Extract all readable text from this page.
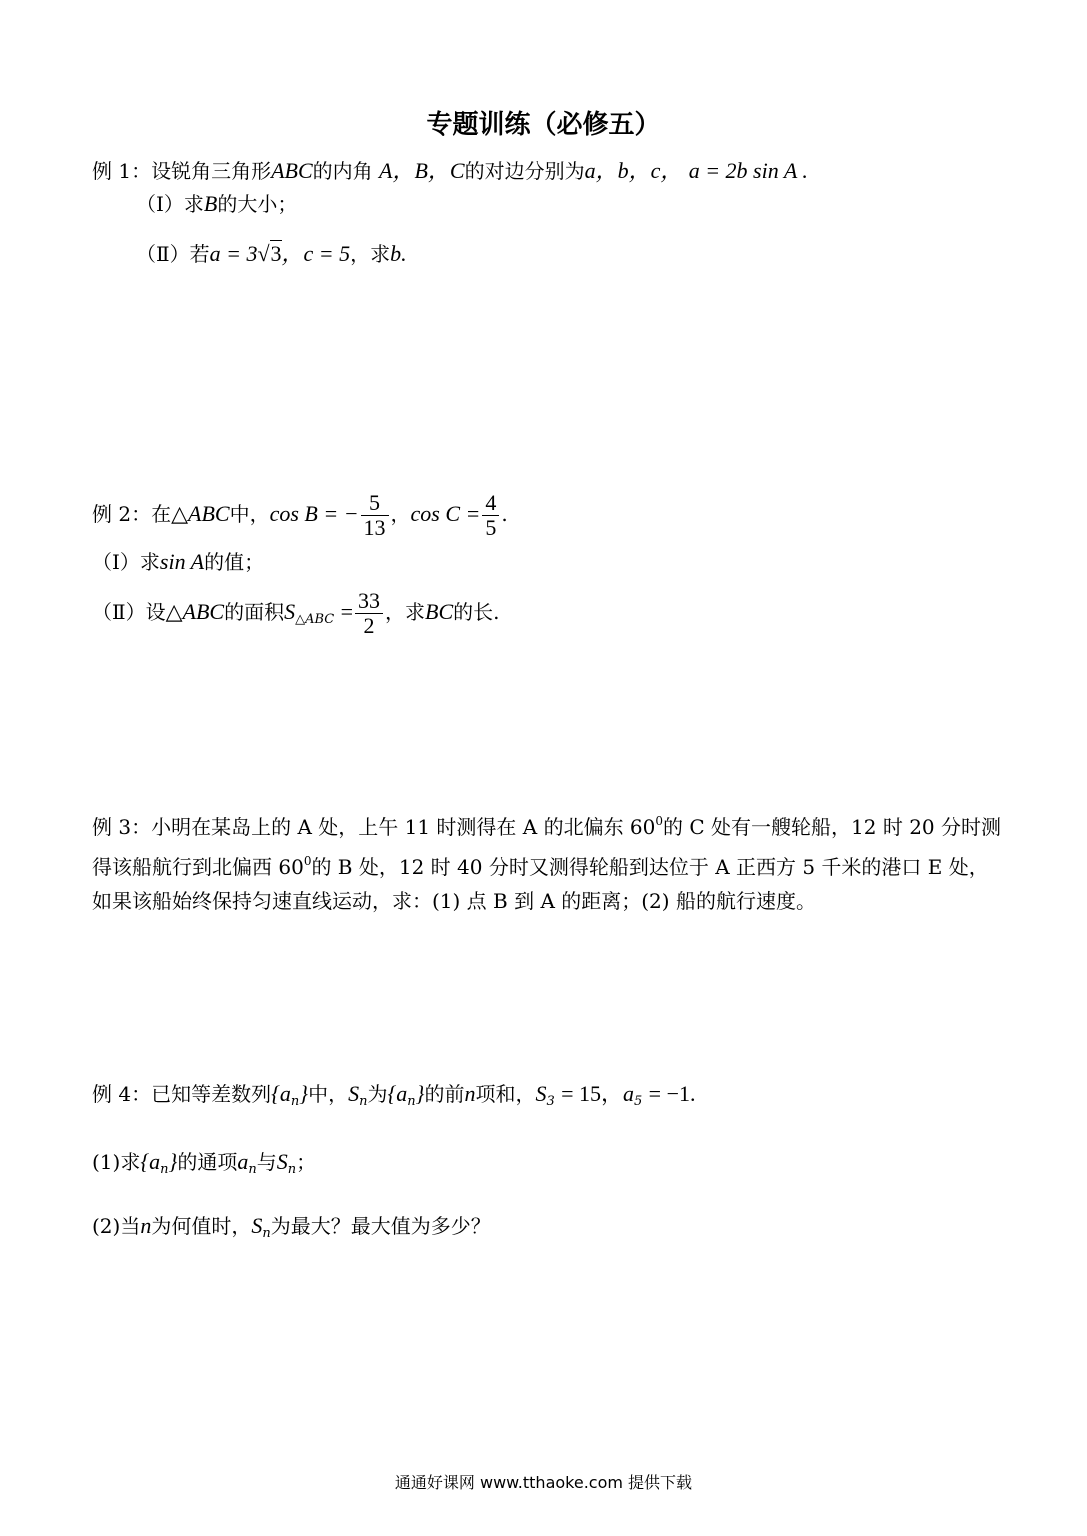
专题训练（必修五）
例 1：设锐角三角形ABC的内角 A，B，C的对边分别为a，b，c， a = 2b sin A .
（Ⅰ）求B的大小；
（Ⅱ）若a = 3√3，c = 5，求b.
例 2：在△ABC中，cos B = − $\frac{5}{13}$ ，$\cos C = \frac{4}{5}$ .
（Ⅰ）求sin A的值；
（Ⅱ）设△ABC的面积$S_{\triangle ABC} = \frac{33}{2}$ ，求BC的长.
例 3：小明在某岛上的 A 处，上午 11 时测得在 A 的北偏东 $60^0$的 C 处有一艘轮船，12 时 20 分时测得该船航行到北偏西 $60^0$的 B 处，12 时 40 分时又测得轮船到达位于 A 正西方 5 千米的港口 E 处，如果该船始终保持匀速直线运动，求：(1) 点 B 到 A 的距离；(2) 船的航行速度。
例 4：已知等差数列$\{a_n\}$中，$S_n$为$\{a_n\}$的前n项和，$S_3 = 15$，$a_5 = -1$.
(1)求$\{a_n\}$的通项$a_n$与$S_n$；
(2)当n为何值时，$S_n$为最大？最大值为多少？
通通好课网 www.tthaoke.com 提供下载
